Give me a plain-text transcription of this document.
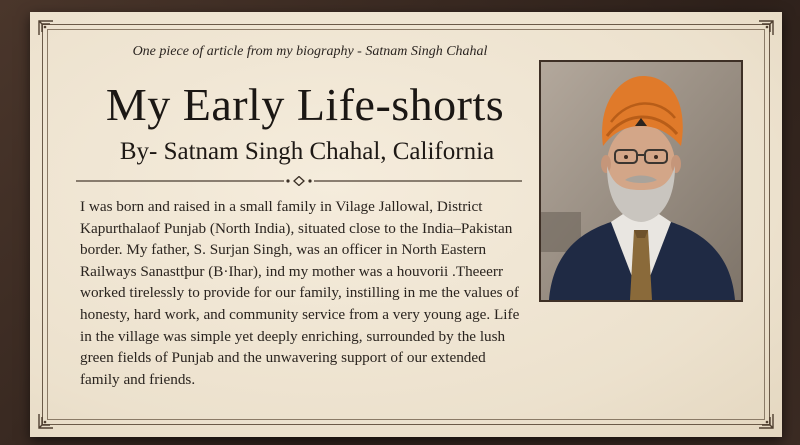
One piece of article from my biography - Satnam Singh Chahal
My Early Life-shorts
By- Satnam Singh Chahal, California

I was born and raised in a small family in Vilage Jallowal, District

Kapurthalaof Punjab (North India), situated close to the India–Pakistan

border. My father, S. Surjan Singh, was an officer in North Eastern

Railways Sanasttþur (B·Ihar), ind my mother was a houvorii .Theeerr

worked tirelessly to provide for our family, instilling in me the values of

honesty, hard work, and community service from a very young age. Life

in the village was simple yet deeply enriching, surrounded by the lush

green fields of Punjab and the unwavering support of our extended

family and friends.
